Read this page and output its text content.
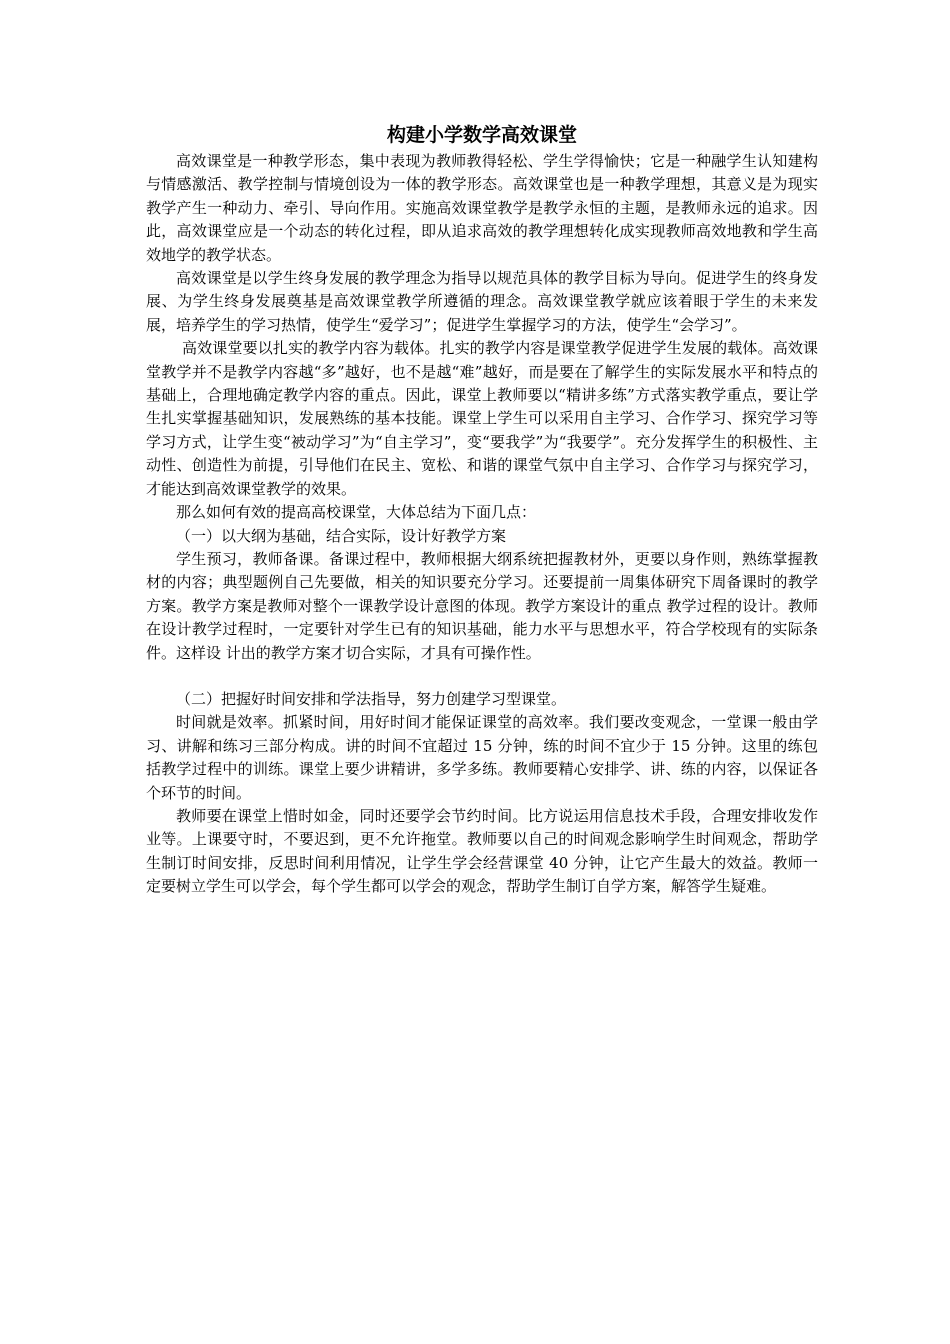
构建小学数学高效课堂

高效课堂是一种教学形态，集中表现为教师教得轻松、学生学得愉快；它是一种融学生认知建构与情感激活、教学控制与情境创设为一体的教学形态。高效课堂也是一种教学理想，其意义是为现实教学产生一种动力、牵引、导向作用。实施高效课堂教学是教学永恒的主题，是教师永远的追求。因此，高效课堂应是一个动态的转化过程，即从追求高效的教学理想转化成实现教师高效地教和学生高效地学的教学状态。

高效课堂是以学生终身发展的教学理念为指导以规范具体的教学目标为导向。促进学生的终身发展、为学生终身发展奠基是高效课堂教学所遵循的理念。高效课堂教学就应该着眼于学生的未来发展，培养学生的学习热情，使学生“爱学习”；促进学生掌握学习的方法，使学生“会学习”。

高效课堂要以扎实的教学内容为载体。扎实的教学内容是课堂教学促进学生发展的载体。高效课堂教学并不是教学内容越“多”越好，也不是越“难”越好，而是要在了解学生的实际发展水平和特点的基础上，合理地确定教学内容的重点。因此，课堂上教师要以“精讲多练”方式落实教学重点，要让学生扎实掌握基础知识，发展熟练的基本技能。课堂上学生可以采用自主学习、合作学习、探究学习等学习方式，让学生变“被动学习”为“自主学习”，变“要我学”为“我要学”。充分发挥学生的积极性、主动性、创造性为前提，引导他们在民主、宽松、和谐的课堂气氛中自主学习、合作学习与探究学习，才能达到高效课堂教学的效果。

那么如何有效的提高高校课堂，大体总结为下面几点：

（一）以大纲为基础，结合实际，设计好教学方案

学生预习，教师备课。备课过程中，教师根据大纲系统把握教材外，更要以身作则，熟练掌握教材的内容；典型题例自己先要做，相关的知识要充分学习。还要提前一周集体研究下周备课时的教学方案。教学方案是教师对整个一课教学设计意图的体现。教学方案设计的重点 教学过程的设计。教师在设计教学过程时，一定要针对学生已有的知识基础，能力水平与思想水平，符合学校现有的实际条件。这样设 计出的教学方案才切合实际，才具有可操作性。

（二）把握好时间安排和学法指导，努力创建学习型课堂。

时间就是效率。抓紧时间，用好时间才能保证课堂的高效率。我们要改变观念，一堂课一般由学习、讲解和练习三部分构成。讲的时间不宜超过 15 分钟，练的时间不宜少于 15 分钟。这里的练包括教学过程中的训练。课堂上要少讲精讲，多学多练。教师要精心安排学、讲、练的内容，以保证各个环节的时间。

教师要在课堂上惜时如金，同时还要学会节约时间。比方说运用信息技术手段，合理安排收发作业等。上课要守时，不要迟到，更不允许拖堂。教师要以自己的时间观念影响学生时间观念，帮助学生制订时间安排，反思时间利用情况，让学生学会经营课堂 40 分钟，让它产生最大的效益。教师一定要树立学生可以学会，每个学生都可以学会的观念，帮助学生制订自学方案，解答学生疑难。
